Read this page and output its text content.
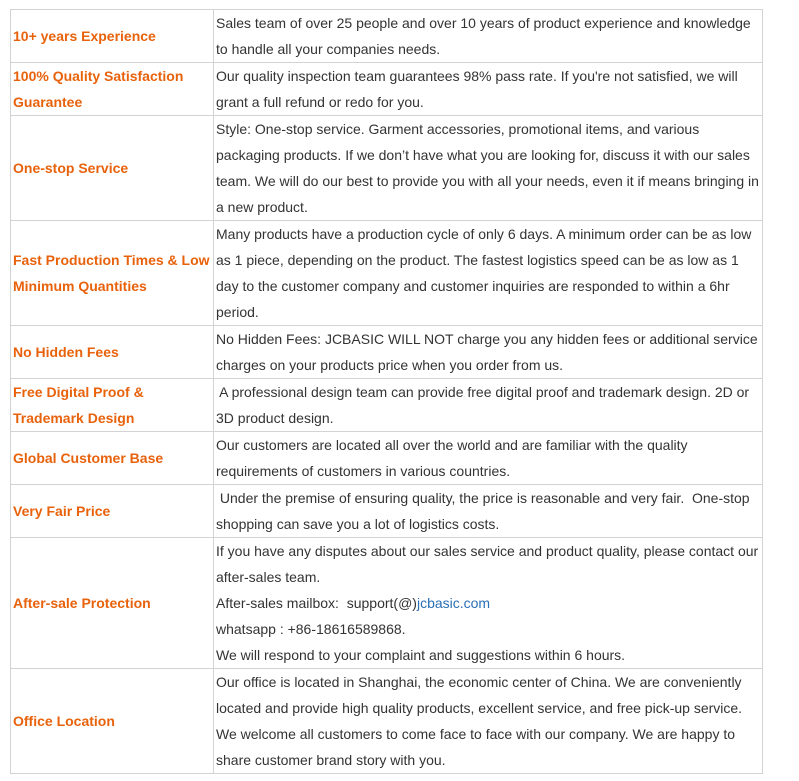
10+ years Experience	Sales team of over 25 people and over 10 years of product experience and knowledge
to handle all your companies needs.

100% Quality Satisfaction
Guarantee	Our quality inspection team guarantees 98% pass rate. If you're not satisfied, we will
grant a full refund or redo for you.

One-stop Service	Style: One-stop service. Garment accessories, promotional items, and various
packaging products. If we don’t have what you are looking for, discuss it with our sales
team. We will do our best to provide you with all your needs, even it if means bringing in
a new product.

Fast Production Times & Low
Minimum Quantities	Many products have a production cycle of only 6 days. A minimum order can be as low
as 1 piece, depending on the product. The fastest logistics speed can be as low as 1
day to the customer company and customer inquiries are responded to within a 6hr
period.

No Hidden Fees	No Hidden Fees: JCBASIC WILL NOT charge you any hidden fees or additional service
charges on your products price when you order from us.

Free Digital Proof &
Trademark Design	A professional design team can provide free digital proof and trademark design. 2D or
3D product design.

Global Customer Base	Our customers are located all over the world and are familiar with the quality
requirements of customers in various countries.

Very Fair Price	Under the premise of ensuring quality, the price is reasonable and very fair.  One-stop
shopping can save you a lot of logistics costs.

After-sale Protection	If you have any disputes about our sales service and product quality, please contact our
after-sales team.
After-sales mailbox:  support(@)jcbasic.com
whatsapp : +86-18616589868.
We will respond to your complaint and suggestions within 6 hours.

Office Location	Our office is located in Shanghai, the economic center of China. We are conveniently
located and provide high quality products, excellent service, and free pick-up service.
We welcome all customers to come face to face with our company. We are happy to
share customer brand story with you.
